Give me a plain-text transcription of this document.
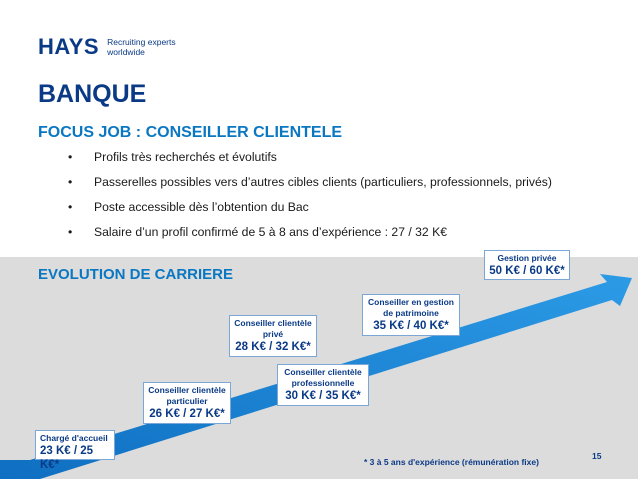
HAYS Recruiting experts
worldwide
BANQUE
FOCUS JOB : CONSEILLER CLIENTELE
•	Profils très recherchés et évolutifs
•	Passerelles possibles vers d’autres cibles clients (particuliers, professionnels, privés)
•	Poste accessible dès l’obtention du Bac
•	Salaire d’un profil confirmé de 5 à 8 ans d’expérience : 27 / 32 K€
EVOLUTION DE CARRIERE
Chargé d'accueil
23 K€ / 25 K€*
Conseiller clientèle
particulier
26 K€ / 27 K€*
Conseiller clientèle
privé
28 K€ / 32 K€*
Conseiller clientèle
professionnelle
30 K€ / 35 K€*
Conseiller en gestion
de patrimoine
35 K€ / 40 K€*
Gestion privée
50 K€ / 60 K€*
* 3 à 5 ans d'expérience (rémunération fixe)
15
